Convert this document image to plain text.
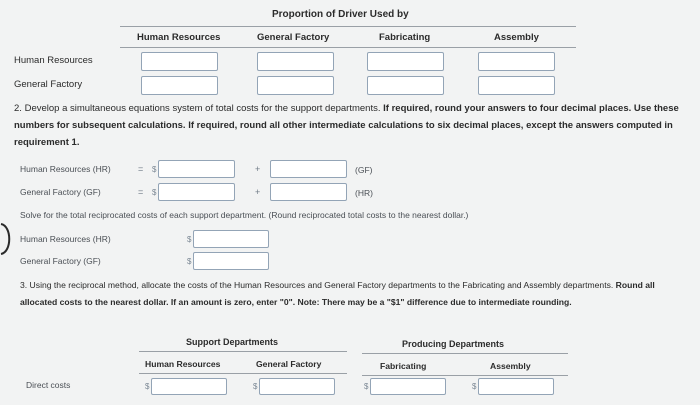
Proportion of Driver Used by
Human Resources	General Factory	Fabricating	Assembly
Human Resources
General Factory
2. Develop a simultaneous equations system of total costs for the support departments. If required, round your answers to four decimal places. Use these numbers for subsequent calculations. If required, round all other intermediate calculations to six decimal places, except the answers computed in requirement 1.
Human Resources (HR)	= $	+	(GF)
General Factory (GF)	= $	+	(HR)
Solve for the total reciprocated costs of each support department. (Round reciprocated total costs to the nearest dollar.)
Human Resources (HR)	$
General Factory (GF)	$
3. Using the reciprocal method, allocate the costs of the Human Resources and General Factory departments to the Fabricating and Assembly departments. Round all allocated costs to the nearest dollar. If an amount is zero, enter "0". Note: There may be a "$1" difference due to intermediate rounding.
Support Departments	Producing Departments
Human Resources	General Factory	Fabricating	Assembly
Direct costs	$	$	$	$
